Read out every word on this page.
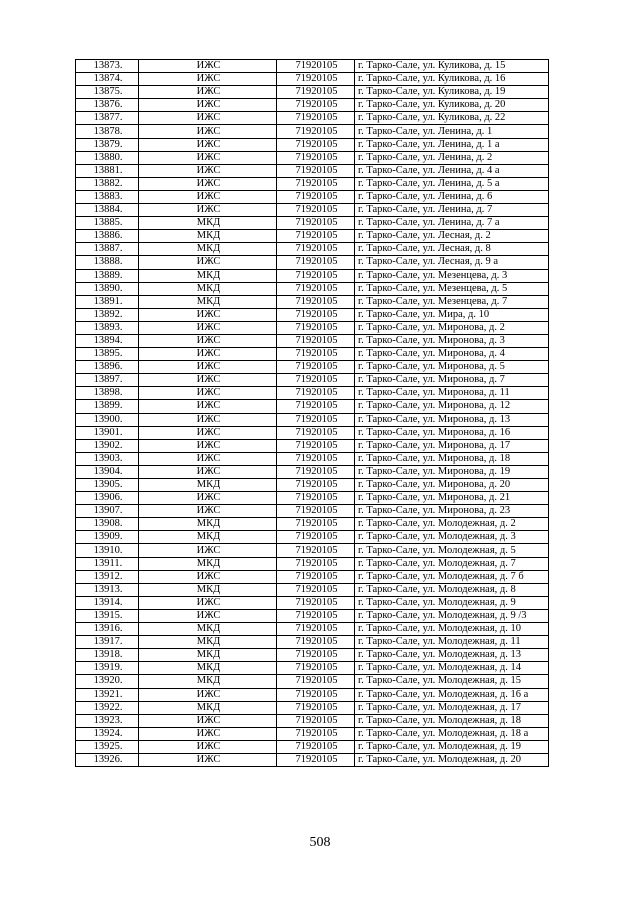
13873.	ИЖС	71920105	г. Тарко-Сале, ул. Куликова, д. 15
13874.	ИЖС	71920105	г. Тарко-Сале, ул. Куликова, д. 16
13875.	ИЖС	71920105	г. Тарко-Сале, ул. Куликова, д. 19
13876.	ИЖС	71920105	г. Тарко-Сале, ул. Куликова, д. 20
13877.	ИЖС	71920105	г. Тарко-Сале, ул. Куликова, д. 22
13878.	ИЖС	71920105	г. Тарко-Сале, ул. Ленина, д. 1
13879.	ИЖС	71920105	г. Тарко-Сале, ул. Ленина, д. 1 а
13880.	ИЖС	71920105	г. Тарко-Сале, ул. Ленина, д. 2
13881.	ИЖС	71920105	г. Тарко-Сале, ул. Ленина, д. 4 а
13882.	ИЖС	71920105	г. Тарко-Сале, ул. Ленина, д. 5 а
13883.	ИЖС	71920105	г. Тарко-Сале, ул. Ленина, д. 6
13884.	ИЖС	71920105	г. Тарко-Сале, ул. Ленина, д. 7
13885.	МКД	71920105	г. Тарко-Сале, ул. Ленина, д. 7 а
13886.	МКД	71920105	г. Тарко-Сале, ул. Лесная, д. 2
13887.	МКД	71920105	г. Тарко-Сале, ул. Лесная, д. 8
13888.	ИЖС	71920105	г. Тарко-Сале, ул. Лесная, д. 9 а
13889.	МКД	71920105	г. Тарко-Сале, ул. Мезенцева, д. 3
13890.	МКД	71920105	г. Тарко-Сале, ул. Мезенцева, д. 5
13891.	МКД	71920105	г. Тарко-Сале, ул. Мезенцева, д. 7
13892.	ИЖС	71920105	г. Тарко-Сале, ул. Мира, д. 10
13893.	ИЖС	71920105	г. Тарко-Сале, ул. Миронова, д. 2
13894.	ИЖС	71920105	г. Тарко-Сале, ул. Миронова, д. 3
13895.	ИЖС	71920105	г. Тарко-Сале, ул. Миронова, д. 4
13896.	ИЖС	71920105	г. Тарко-Сале, ул. Миронова, д. 5
13897.	ИЖС	71920105	г. Тарко-Сале, ул. Миронова, д. 7
13898.	ИЖС	71920105	г. Тарко-Сале, ул. Миронова, д. 11
13899.	ИЖС	71920105	г. Тарко-Сале, ул. Миронова, д. 12
13900.	ИЖС	71920105	г. Тарко-Сале, ул. Миронова, д. 13
13901.	ИЖС	71920105	г. Тарко-Сале, ул. Миронова, д. 16
13902.	ИЖС	71920105	г. Тарко-Сале, ул. Миронова, д. 17
13903.	ИЖС	71920105	г. Тарко-Сале, ул. Миронова, д. 18
13904.	ИЖС	71920105	г. Тарко-Сале, ул. Миронова, д. 19
13905.	МКД	71920105	г. Тарко-Сале, ул. Миронова, д. 20
13906.	ИЖС	71920105	г. Тарко-Сале, ул. Миронова, д. 21
13907.	ИЖС	71920105	г. Тарко-Сале, ул. Миронова, д. 23
13908.	МКД	71920105	г. Тарко-Сале, ул. Молодежная, д. 2
13909.	МКД	71920105	г. Тарко-Сале, ул. Молодежная, д. 3
13910.	ИЖС	71920105	г. Тарко-Сале, ул. Молодежная, д. 5
13911.	МКД	71920105	г. Тарко-Сале, ул. Молодежная, д. 7
13912.	ИЖС	71920105	г. Тарко-Сале, ул. Молодежная, д. 7 б
13913.	МКД	71920105	г. Тарко-Сале, ул. Молодежная, д. 8
13914.	ИЖС	71920105	г. Тарко-Сале, ул. Молодежная, д. 9
13915.	ИЖС	71920105	г. Тарко-Сале, ул. Молодежная, д. 9 /3
13916.	МКД	71920105	г. Тарко-Сале, ул. Молодежная, д. 10
13917.	МКД	71920105	г. Тарко-Сале, ул. Молодежная, д. 11
13918.	МКД	71920105	г. Тарко-Сале, ул. Молодежная, д. 13
13919.	МКД	71920105	г. Тарко-Сале, ул. Молодежная, д. 14
13920.	МКД	71920105	г. Тарко-Сале, ул. Молодежная, д. 15
13921.	ИЖС	71920105	г. Тарко-Сале, ул. Молодежная, д. 16 а
13922.	МКД	71920105	г. Тарко-Сале, ул. Молодежная, д. 17
13923.	ИЖС	71920105	г. Тарко-Сале, ул. Молодежная, д. 18
13924.	ИЖС	71920105	г. Тарко-Сале, ул. Молодежная, д. 18 а
13925.	ИЖС	71920105	г. Тарко-Сале, ул. Молодежная, д. 19
13926.	ИЖС	71920105	г. Тарко-Сале, ул. Молодежная, д. 20
508
